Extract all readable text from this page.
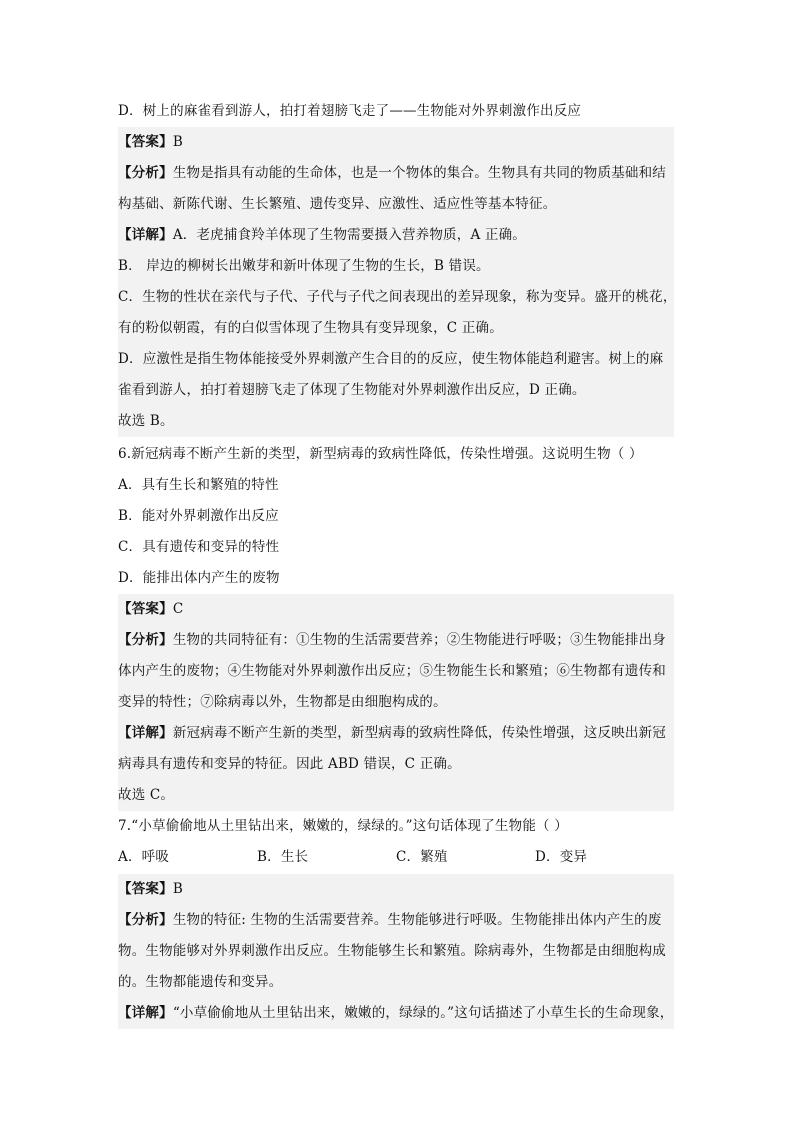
D．树上的麻雀看到游人，拍打着翅膀飞走了——生物能对外界刺激作出反应
【答案】B
【分析】生物是指具有动能的生命体，也是一个物体的集合。生物具有共同的物质基础和结
构基础、新陈代谢、生长繁殖、遗传变异、应激性、适应性等基本特征。
【详解】A．老虎捕食羚羊体现了生物需要摄入营养物质，A 正确。
B． 岸边的柳树长出嫩芽和新叶体现了生物的生长，B 错误。
C．生物的性状在亲代与子代、子代与子代之间表现出的差异现象，称为变异。盛开的桃花，
有的粉似朝霞，有的白似雪体现了生物具有变异现象，C 正确。
D．应激性是指生物体能接受外界刺激产生合目的的反应，使生物体能趋利避害。树上的麻
雀看到游人，拍打着翅膀飞走了体现了生物能对外界刺激作出反应，D 正确。
故选 B。
6.新冠病毒不断产生新的类型，新型病毒的致病性降低，传染性增强。这说明生物（ ）
A．具有生长和繁殖的特性
B．能对外界刺激作出反应
C．具有遗传和变异的特性
D．能排出体内产生的废物
【答案】C
【分析】生物的共同特征有：①生物的生活需要营养；②生物能进行呼吸；③生物能排出身
体内产生的废物；④生物能对外界刺激作出反应；⑤生物能生长和繁殖；⑥生物都有遗传和
变异的特性；⑦除病毒以外，生物都是由细胞构成的。
【详解】新冠病毒不断产生新的类型，新型病毒的致病性降低，传染性增强，这反映出新冠
病毒具有遗传和变异的特征。因此 ABD 错误，C 正确。
故选 C。
7.“小草偷偷地从土里钻出来，嫩嫩的，绿绿的。”这句话体现了生物能（ ）
A．呼吸	B．生长	C．繁殖	D．变异
【答案】B
【分析】生物的特征: 生物的生活需要营养。生物能够进行呼吸。生物能排出体内产生的废
物。生物能够对外界刺激作出反应。生物能够生长和繁殖。除病毒外，生物都是由细胞构成
的。生物都能遗传和变异。
【详解】“小草偷偷地从土里钻出来，嫩嫩的，绿绿的。”这句话描述了小草生长的生命现象，
